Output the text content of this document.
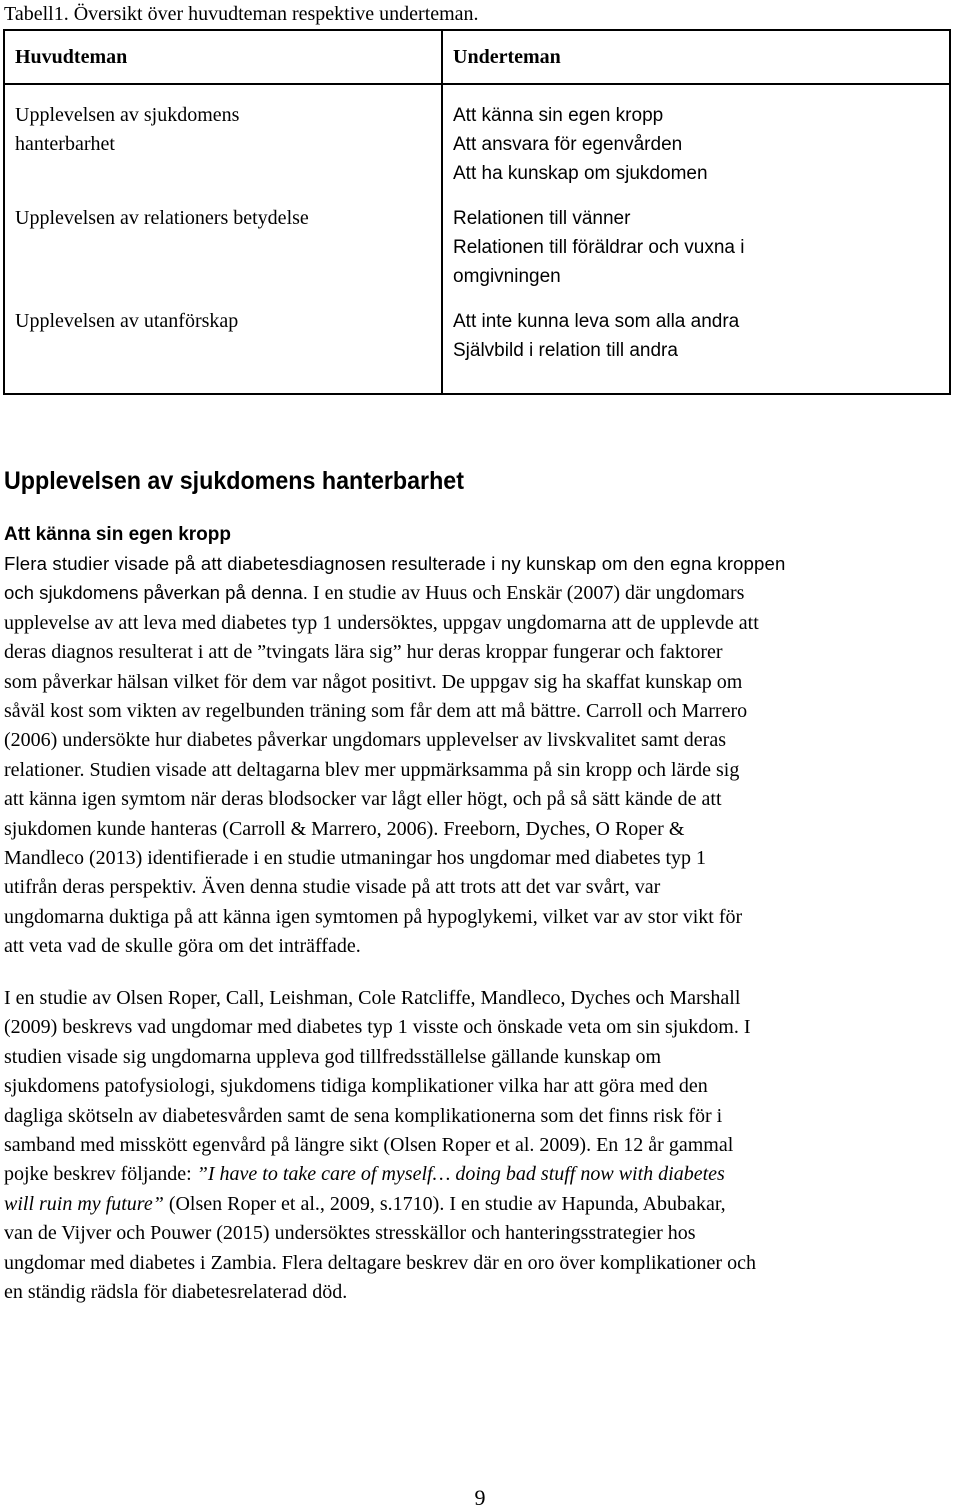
Tabell1. Översikt över huvudteman respektive underteman.
Huvudteman	Underteman

Upplevelsen av sjukdomens
hanterbarhet	Att känna sin egen kropp
Att ansvara för egenvården
Att ha kunskap om sjukdomen

Upplevelsen av relationers betydelse	Relationen till vänner
Relationen till föräldrar och vuxna i
omgivningen

Upplevelsen av utanförskap	Att inte kunna leva som alla andra
Självbild i relation till andra
Upplevelsen av sjukdomens hanterbarhet
Att känna sin egen kropp
Flera studier visade på att diabetesdiagnosen resulterade i ny kunskap om den egna kroppen
och sjukdomens påverkan på denna. I en studie av Huus och Enskär (2007) där ungdomars
upplevelse av att leva med diabetes typ 1 undersöktes, uppgav ungdomarna att de upplevde att
deras diagnos resulterat i att de ”tvingats lära sig” hur deras kroppar fungerar och faktorer
som påverkar hälsan vilket för dem var något positivt. De uppgav sig ha skaffat kunskap om
såväl kost som vikten av regelbunden träning som får dem att må bättre. Carroll och Marrero
(2006) undersökte hur diabetes påverkar ungdomars upplevelser av livskvalitet samt deras
relationer. Studien visade att deltagarna blev mer uppmärksamma på sin kropp och lärde sig
att känna igen symtom när deras blodsocker var lågt eller högt, och på så sätt kände de att
sjukdomen kunde hanteras (Carroll & Marrero, 2006). Freeborn, Dyches, O Roper &
Mandleco (2013) identifierade i en studie utmaningar hos ungdomar med diabetes typ 1
utifrån deras perspektiv. Även denna studie visade på att trots att det var svårt, var
ungdomarna duktiga på att känna igen symtomen på hypoglykemi, vilket var av stor vikt för
att veta vad de skulle göra om det inträffade.
I en studie av Olsen Roper, Call, Leishman, Cole Ratcliffe, Mandleco, Dyches och Marshall
(2009) beskrevs vad ungdomar med diabetes typ 1 visste och önskade veta om sin sjukdom. I
studien visade sig ungdomarna uppleva god tillfredsställelse gällande kunskap om
sjukdomens patofysiologi, sjukdomens tidiga komplikationer vilka har att göra med den
dagliga skötseln av diabetesvården samt de sena komplikationerna som det finns risk för i
samband med misskött egenvård på längre sikt (Olsen Roper et al. 2009). En 12 år gammal
pojke beskrev följande: ”I have to take care of myself… doing bad stuff now with diabetes
will ruin my future” (Olsen Roper et al., 2009, s.1710). I en studie av Hapunda, Abubakar,
van de Vijver och Pouwer (2015) undersöktes stresskällor och hanteringsstrategier hos
ungdomar med diabetes i Zambia. Flera deltagare beskrev där en oro över komplikationer och
en ständig rädsla för diabetesrelaterad död.
9
